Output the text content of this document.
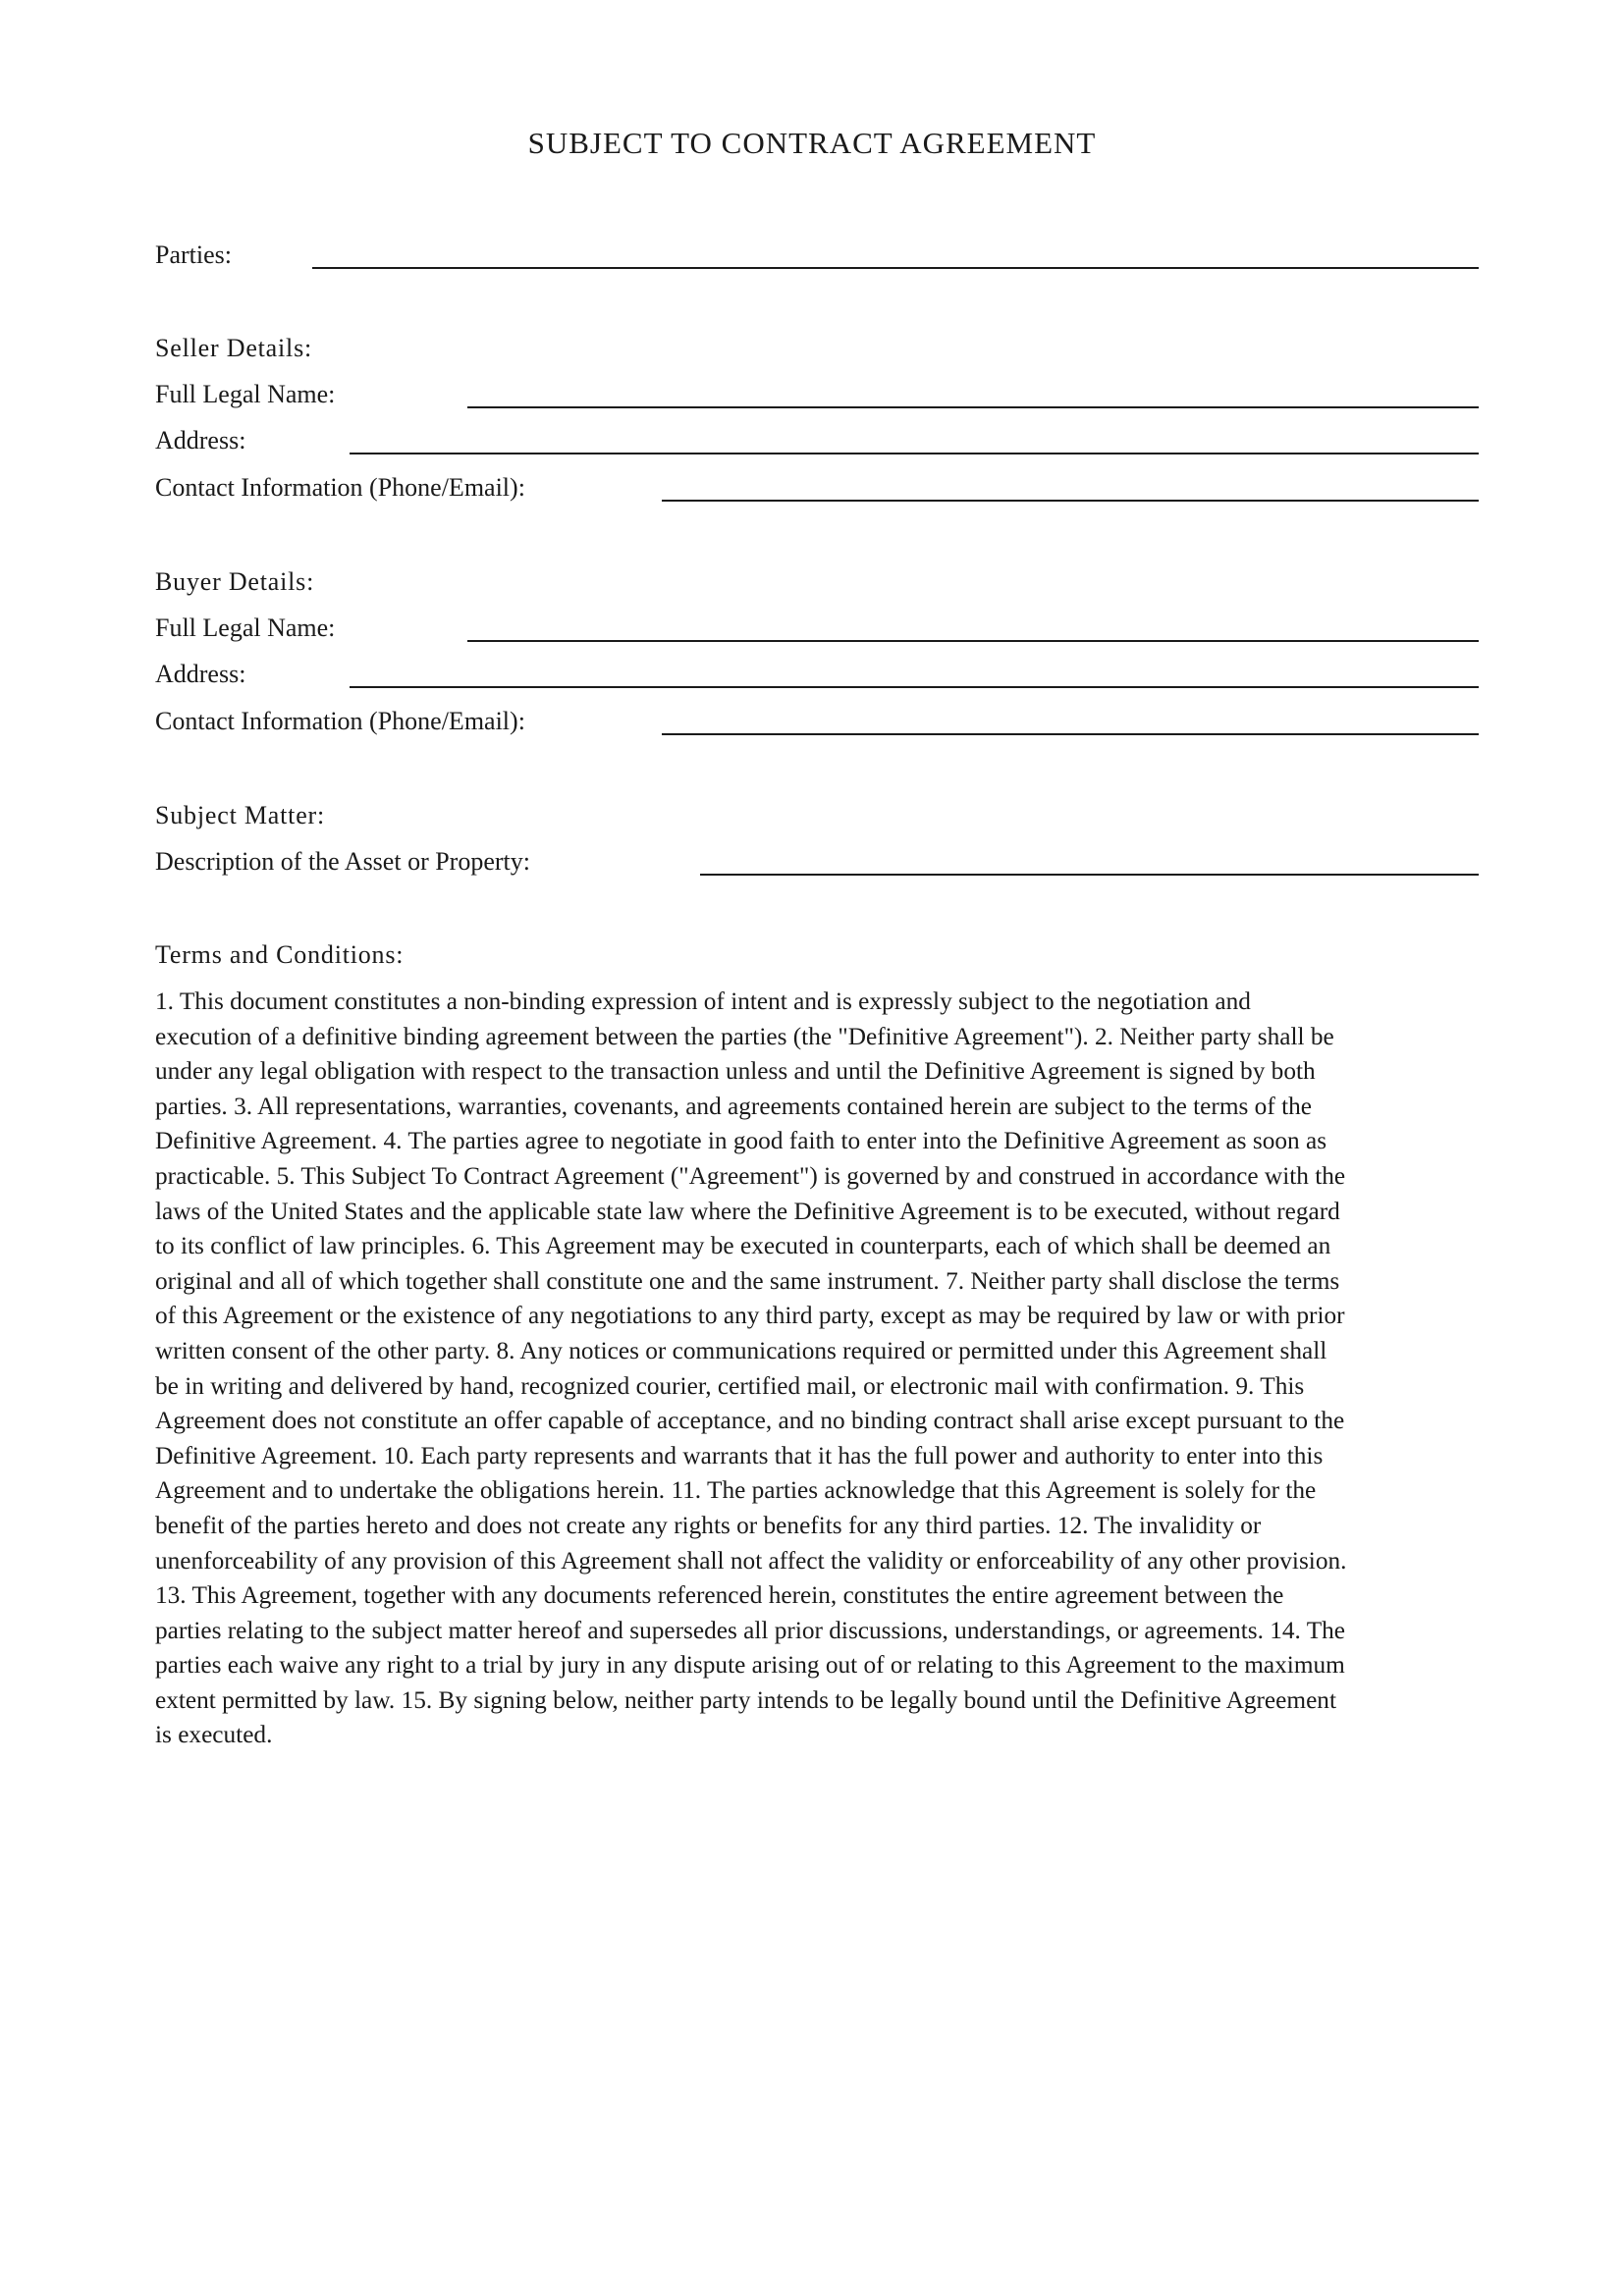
SUBJECT TO CONTRACT AGREEMENT
Parties:
Seller Details:
Full Legal Name:
Address:
Contact Information (Phone/Email):
Buyer Details:
Full Legal Name:
Address:
Contact Information (Phone/Email):
Subject Matter:
Description of the Asset or Property:
Terms and Conditions:
1. This document constitutes a non-binding expression of intent and is expressly subject to the negotiation and
execution of a definitive binding agreement between the parties (the "Definitive Agreement"). 2. Neither party shall be
under any legal obligation with respect to the transaction unless and until the Definitive Agreement is signed by both
parties. 3. All representations, warranties, covenants, and agreements contained herein are subject to the terms of the
Definitive Agreement. 4. The parties agree to negotiate in good faith to enter into the Definitive Agreement as soon as
practicable. 5. This Subject To Contract Agreement ("Agreement") is governed by and construed in accordance with the
laws of the United States and the applicable state law where the Definitive Agreement is to be executed, without regard
to its conflict of law principles. 6. This Agreement may be executed in counterparts, each of which shall be deemed an
original and all of which together shall constitute one and the same instrument. 7. Neither party shall disclose the terms
of this Agreement or the existence of any negotiations to any third party, except as may be required by law or with prior
written consent of the other party. 8. Any notices or communications required or permitted under this Agreement shall
be in writing and delivered by hand, recognized courier, certified mail, or electronic mail with confirmation. 9. This
Agreement does not constitute an offer capable of acceptance, and no binding contract shall arise except pursuant to the
Definitive Agreement. 10. Each party represents and warrants that it has the full power and authority to enter into this
Agreement and to undertake the obligations herein. 11. The parties acknowledge that this Agreement is solely for the
benefit of the parties hereto and does not create any rights or benefits for any third parties. 12. The invalidity or
unenforceability of any provision of this Agreement shall not affect the validity or enforceability of any other provision.
13. This Agreement, together with any documents referenced herein, constitutes the entire agreement between the
parties relating to the subject matter hereof and supersedes all prior discussions, understandings, or agreements. 14. The
parties each waive any right to a trial by jury in any dispute arising out of or relating to this Agreement to the maximum
extent permitted by law. 15. By signing below, neither party intends to be legally bound until the Definitive Agreement
is executed.
